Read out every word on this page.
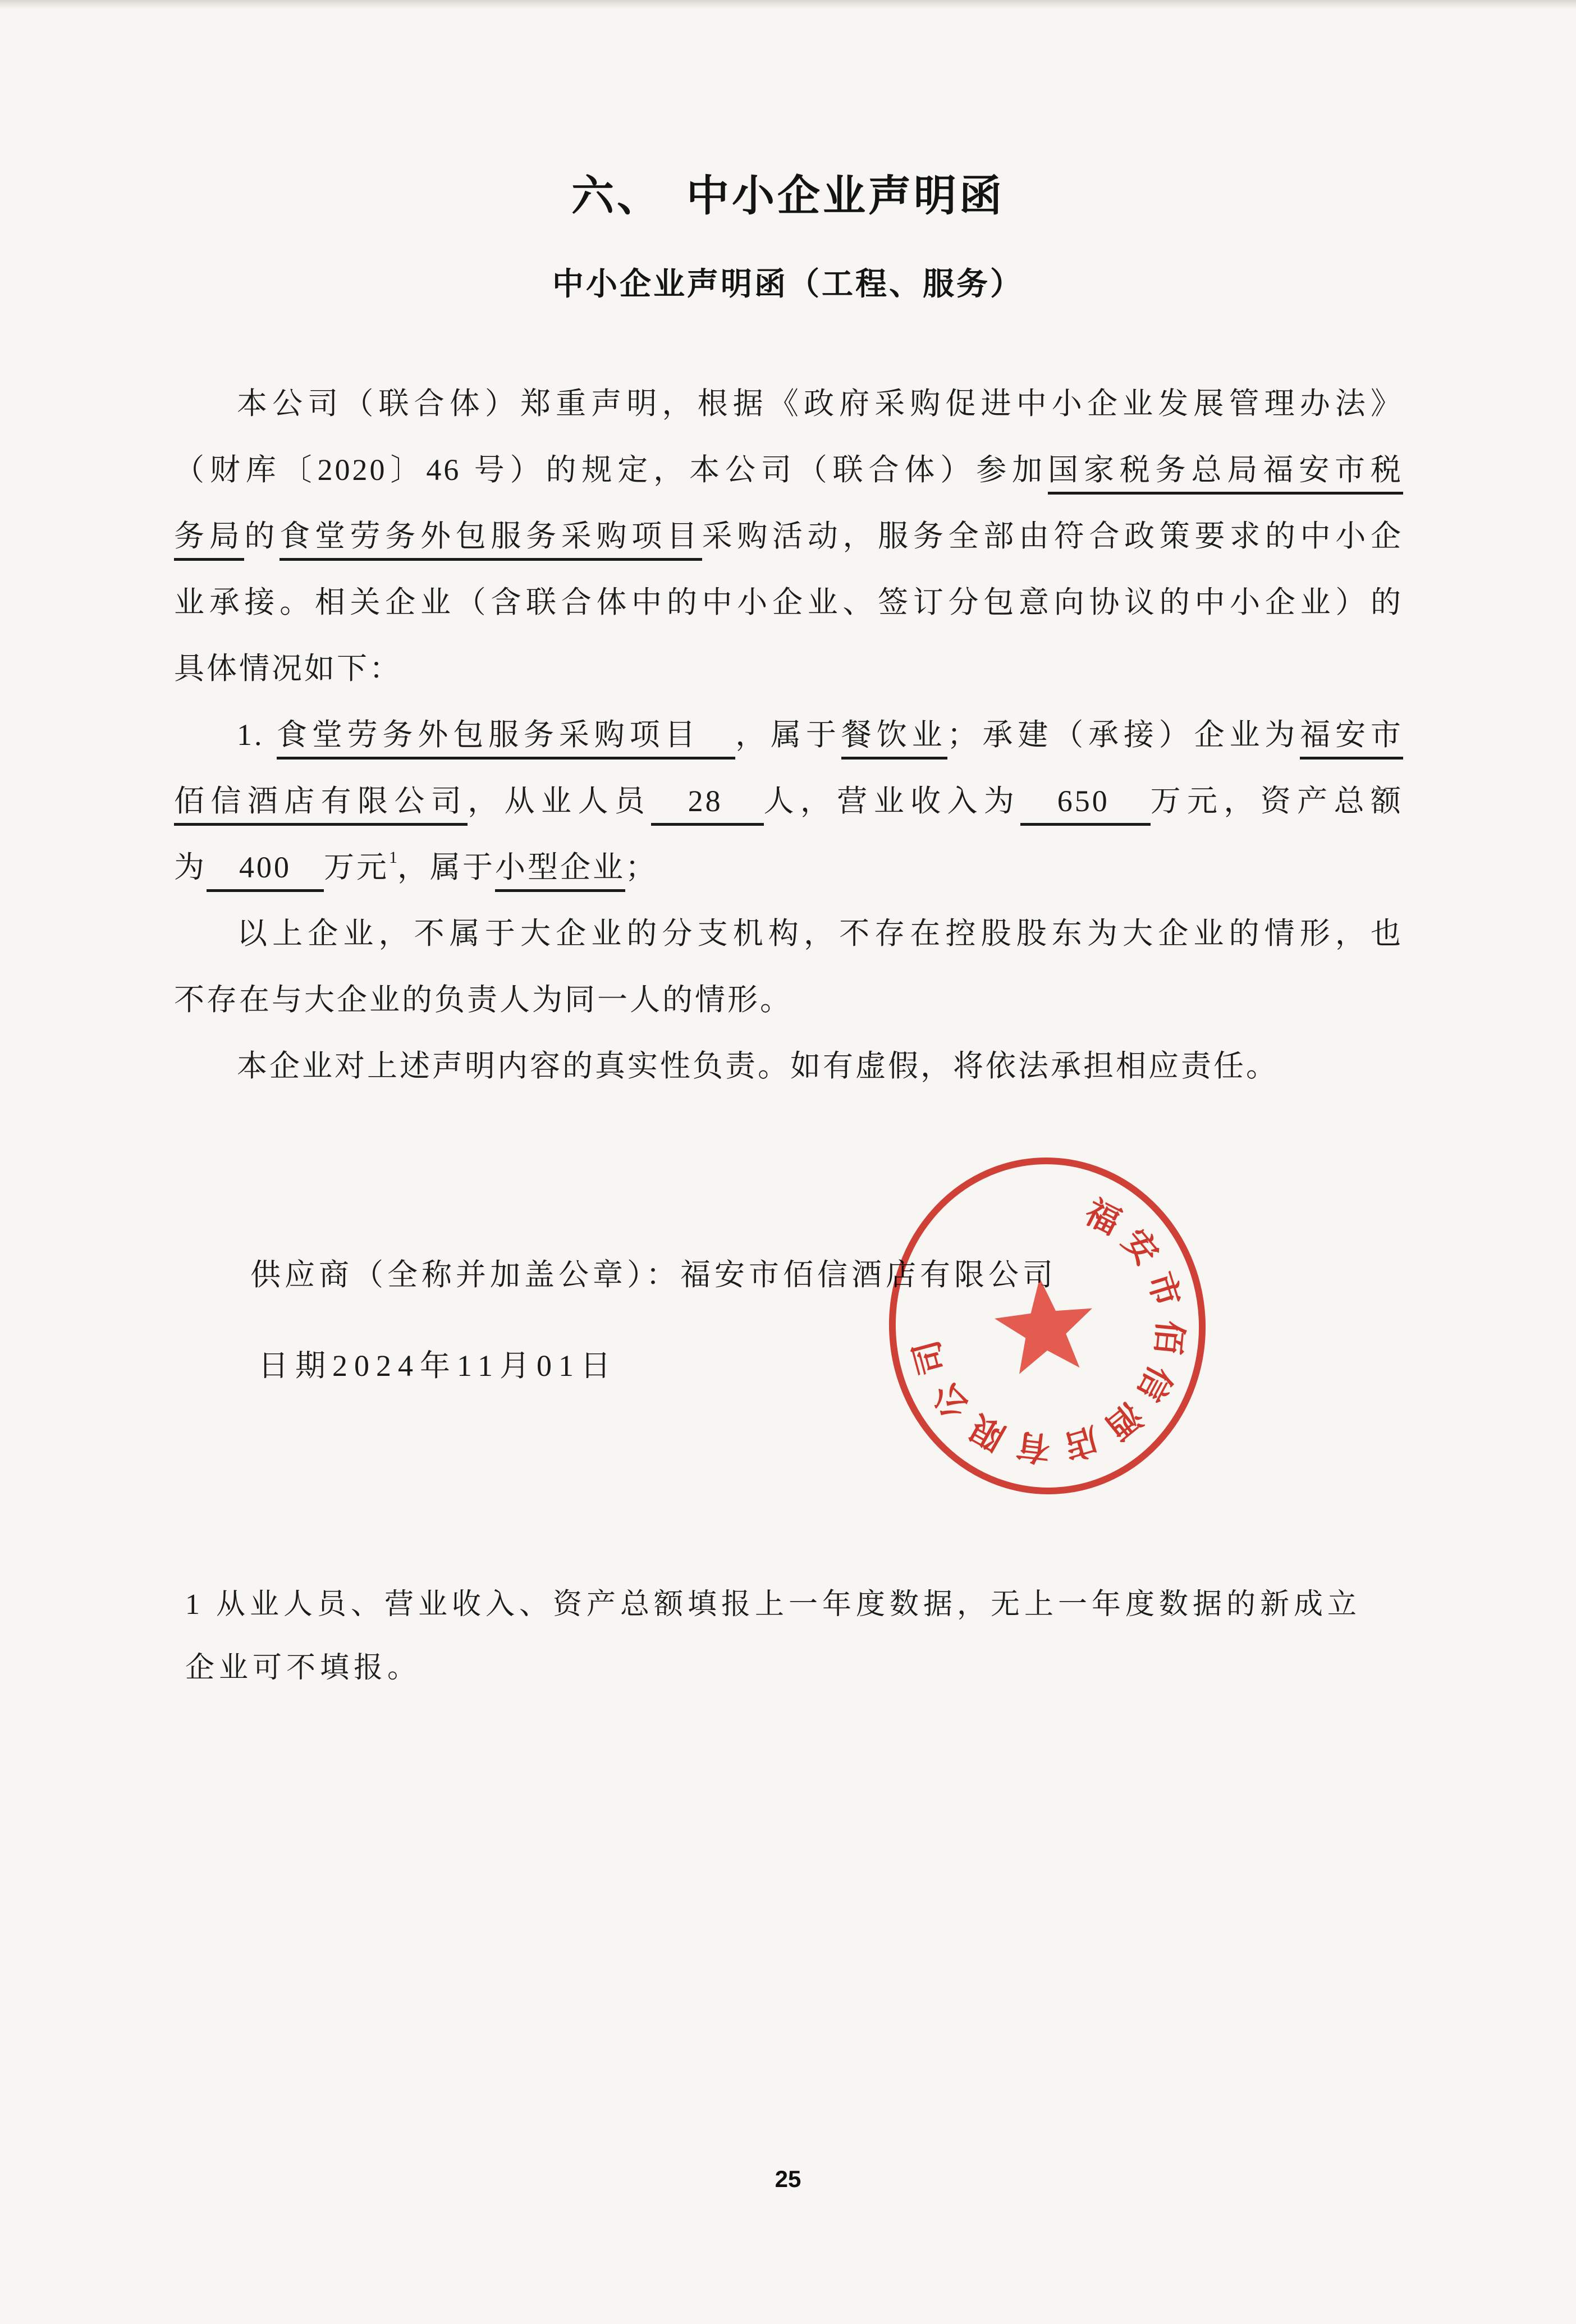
六、　中小企业声明函
中小企业声明函（工程、服务）
本公司（联合体）郑重声明，根据《政府采购促进中小企业发展管理办法》
（财库〔2020〕46 号）的规定，本公司（联合体）参加国家税务总局福安市税
务局的食堂劳务外包服务采购项目采购活动，服务全部由符合政策要求的中小企
业承接。相关企业（含联合体中的中小企业、签订分包意向协议的中小企业）的
具体情况如下：
1. 食堂劳务外包服务采购项目　，属于餐饮业；承建（承接）企业为福安市
佰信酒店有限公司，从业人员　28　人，营业收入为　650　万元，资产总额
为　400　万元$^1$，属于小型企业；
以上企业，不属于大企业的分支机构，不存在控股股东为大企业的情形，也
不存在与大企业的负责人为同一人的情形。
本企业对上述声明内容的真实性负责。如有虚假，将依法承担相应责任。
供应商（全称并加盖公章）：福安市佰信酒店有限公司
日期2024年11月01日
福
安
市
佰
信
酒
店
有
限
公
司
1 从业人员、营业收入、资产总额填报上一年度数据，无上一年度数据的新成立
企业可不填报。
25
